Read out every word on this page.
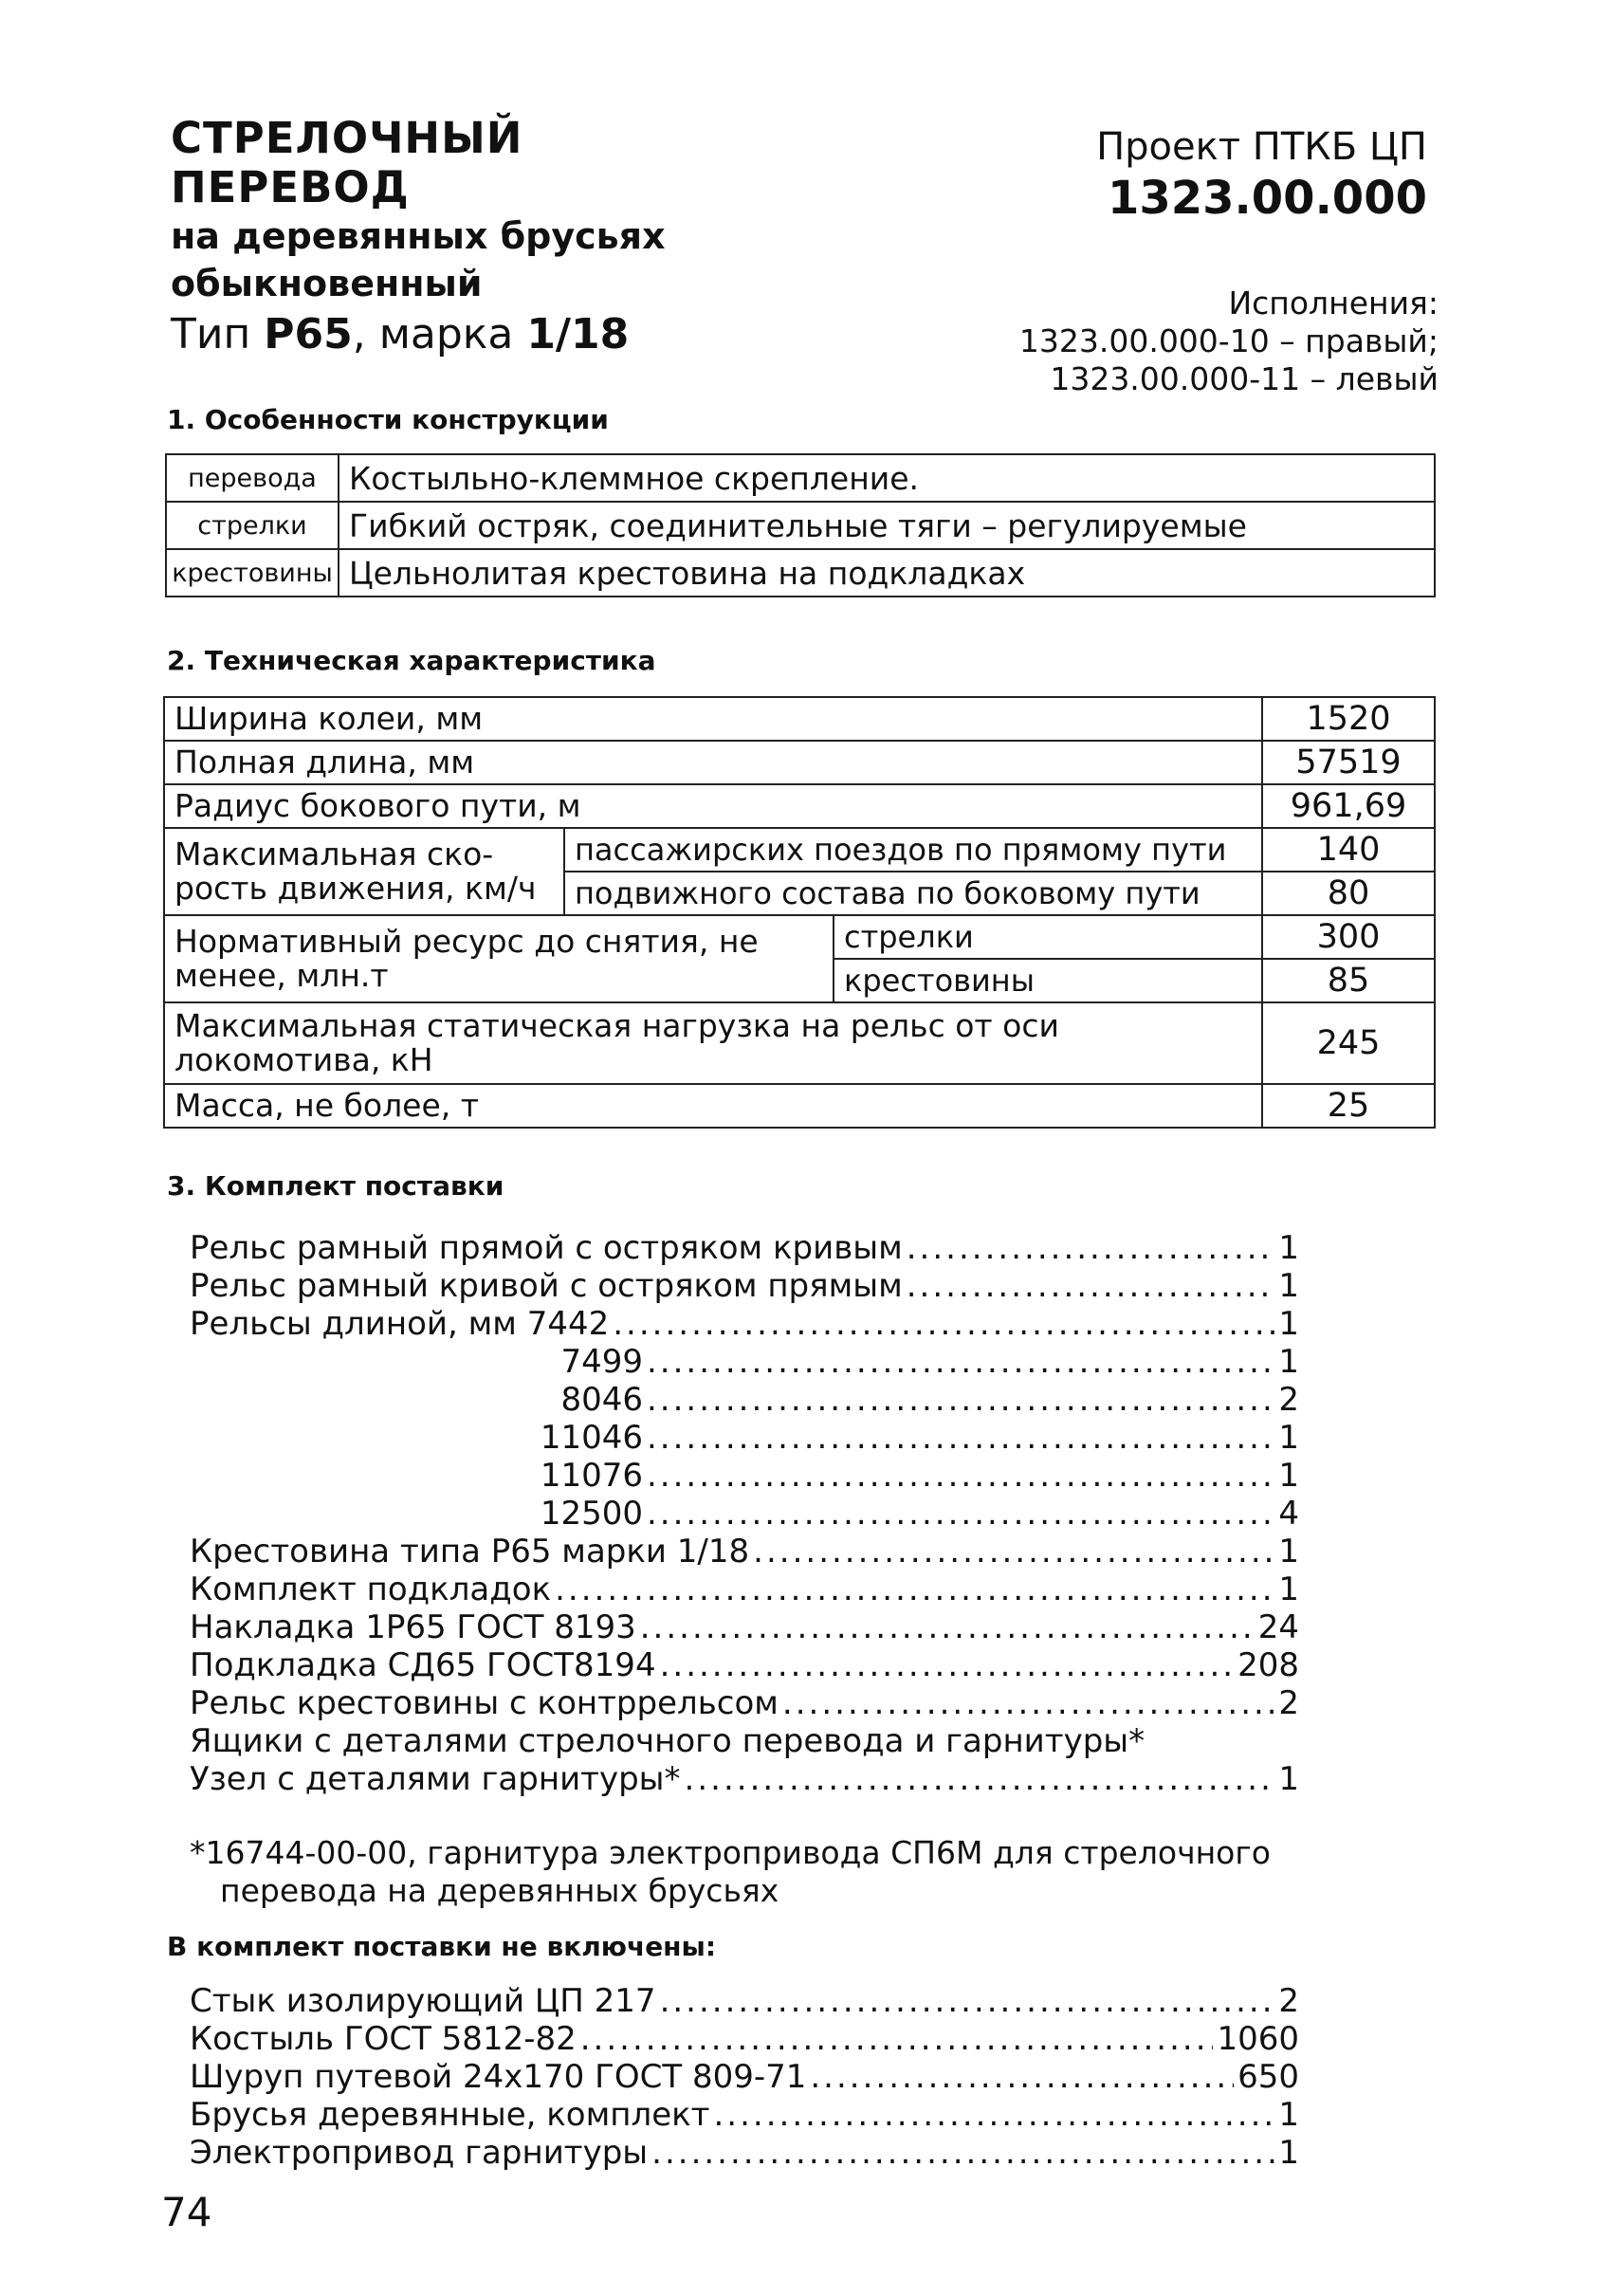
СТРЕЛОЧНЫЙ ПЕРЕВОД
на деревянных брусьях
обыкновенный
Тип Р65, марка 1/18
Проект ПТКБ ЦП
1323.00.000
Исполнения:
1323.00.000-10 – правый;
1323.00.000-11 – левый
1. Особенности конструкции
перевода	Костыльно-клеммное скрепление.
стрелки	Гибкий остряк, соединительные тяги – регулируемые
крестовины	Цельнолитая крестовина на подкладках
2. Техническая характеристика
Ширина колеи, мм			1520
Полная длина, мм			57519
Радиус бокового пути, м			961,69
Максимальная ско-рость движения, км/ч	пассажирских поездов по прямому пути		140
	подвижного состава по боковому пути		80
Нормативный ресурс до снятия, не менее, млн.т		стрелки	300
		крестовины	85
Максимальная статическая нагрузка на рельс от оси локомотива, кН			245
Масса, не более, т			25
3. Комплект поставки
Рельс рамный прямой с остряком кривым .....	1
Рельс рамный кривой с остряком прямым .....	1
Рельсы длиной, мм 7442 .....	1
7499 .....	1
8046 .....	2
11046 .....	1
11076 .....	1
12500 .....	4
Крестовина типа Р65 марки 1/18 .....	1
Комплект подкладок .....	1
Накладка 1Р65 ГОСТ 8193 .....	24
Подкладка СД65 ГОСТ8194 .....	208
Рельс крестовины с контррельсом .....	2
Ящики с деталями стрелочного перевода и гарнитуры*
Узел с деталями гарнитуры* .....	1
*16744-00-00, гарнитура электропривода СП6М для стрелочного
перевода на деревянных брусьях
В комплект поставки не включены:
Стык изолирующий ЦП 217 .....	2
Костыль ГОСТ 5812-82 .....	1060
Шуруп путевой 24х170 ГОСТ 809-71 .....	650
Брусья деревянные, комплект .....	1
Электропривод гарнитуры .....	1
74
